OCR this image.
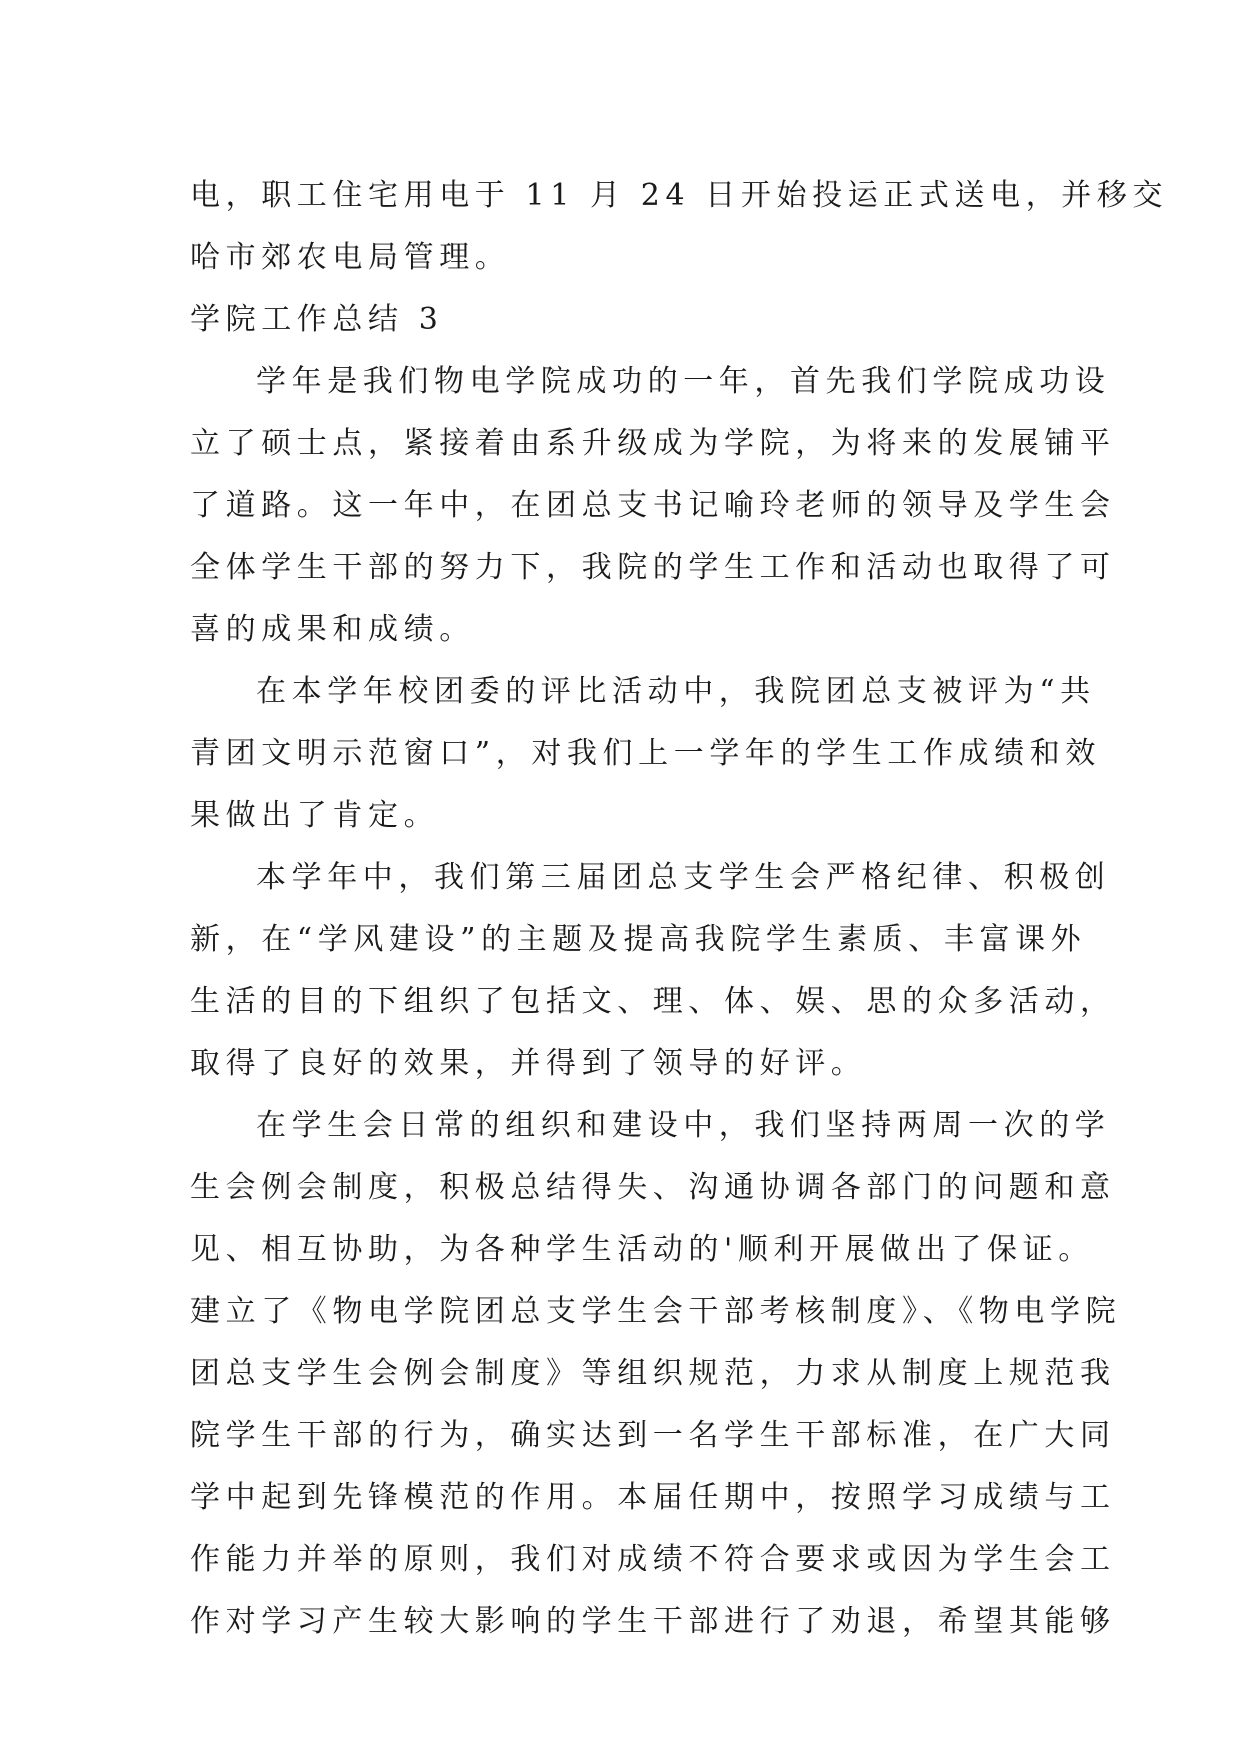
电，职工住宅用电于 11 月 24 日开始投运正式送电，并移交
哈市郊农电局管理。
学院工作总结 3
学年是我们物电学院成功的一年，首先我们学院成功设
立了硕士点，紧接着由系升级成为学院，为将来的发展铺平
了道路。这一年中，在团总支书记喻玲老师的领导及学生会
全体学生干部的努力下，我院的学生工作和活动也取得了可
喜的成果和成绩。
在本学年校团委的评比活动中，我院团总支被评为“共
青团文明示范窗口”，对我们上一学年的学生工作成绩和效
果做出了肯定。
本学年中，我们第三届团总支学生会严格纪律、积极创
新，在“学风建设”的主题及提高我院学生素质、丰富课外
生活的目的下组织了包括文、理、体、娱、思的众多活动，
取得了良好的效果，并得到了领导的好评。
在学生会日常的组织和建设中，我们坚持两周一次的学
生会例会制度，积极总结得失、沟通协调各部门的问题和意
见、相互协助，为各种学生活动的'顺利开展做出了保证。
建立了《物电学院团总支学生会干部考核制度》、《物电学院
团总支学生会例会制度》等组织规范，力求从制度上规范我
院学生干部的行为，确实达到一名学生干部标准，在广大同
学中起到先锋模范的作用。本届任期中，按照学习成绩与工
作能力并举的原则，我们对成绩不符合要求或因为学生会工
作对学习产生较大影响的学生干部进行了劝退，希望其能够
